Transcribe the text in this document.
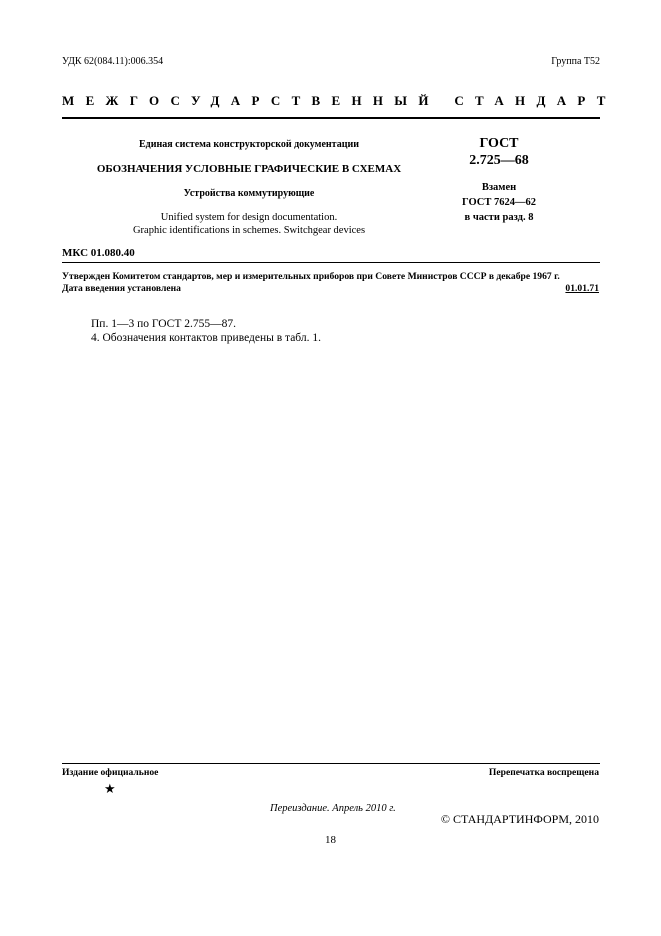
УДК 62(084.11):006.354	Группа Т52
МЕЖГОСУДАРСТВЕННЫЙ СТАНДАРТ
Единая система конструкторской документации
ОБОЗНАЧЕНИЯ УСЛОВНЫЕ ГРАФИЧЕСКИЕ В СХЕМАХ
Устройства коммутирующие
Unified system for design documentation.
Graphic identifications in schemes. Switchgear devices
ГОСТ
2.725—68
Взамен
ГОСТ 7624—62
в части разд. 8
МКС 01.080.40
Утвержден Комитетом стандартов, мер и измерительных приборов при Совете Министров СССР в декабре 1967 г.
Дата введения установлена	01.01.71
Пп. 1—3 по ГОСТ 2.755—87.
4. Обозначения контактов приведены в табл. 1.
Издание официальное	Перепечатка воспрещена
★
Переиздание. Апрель 2010 г.
© СТАНДАРТИНФОРМ, 2010
18
